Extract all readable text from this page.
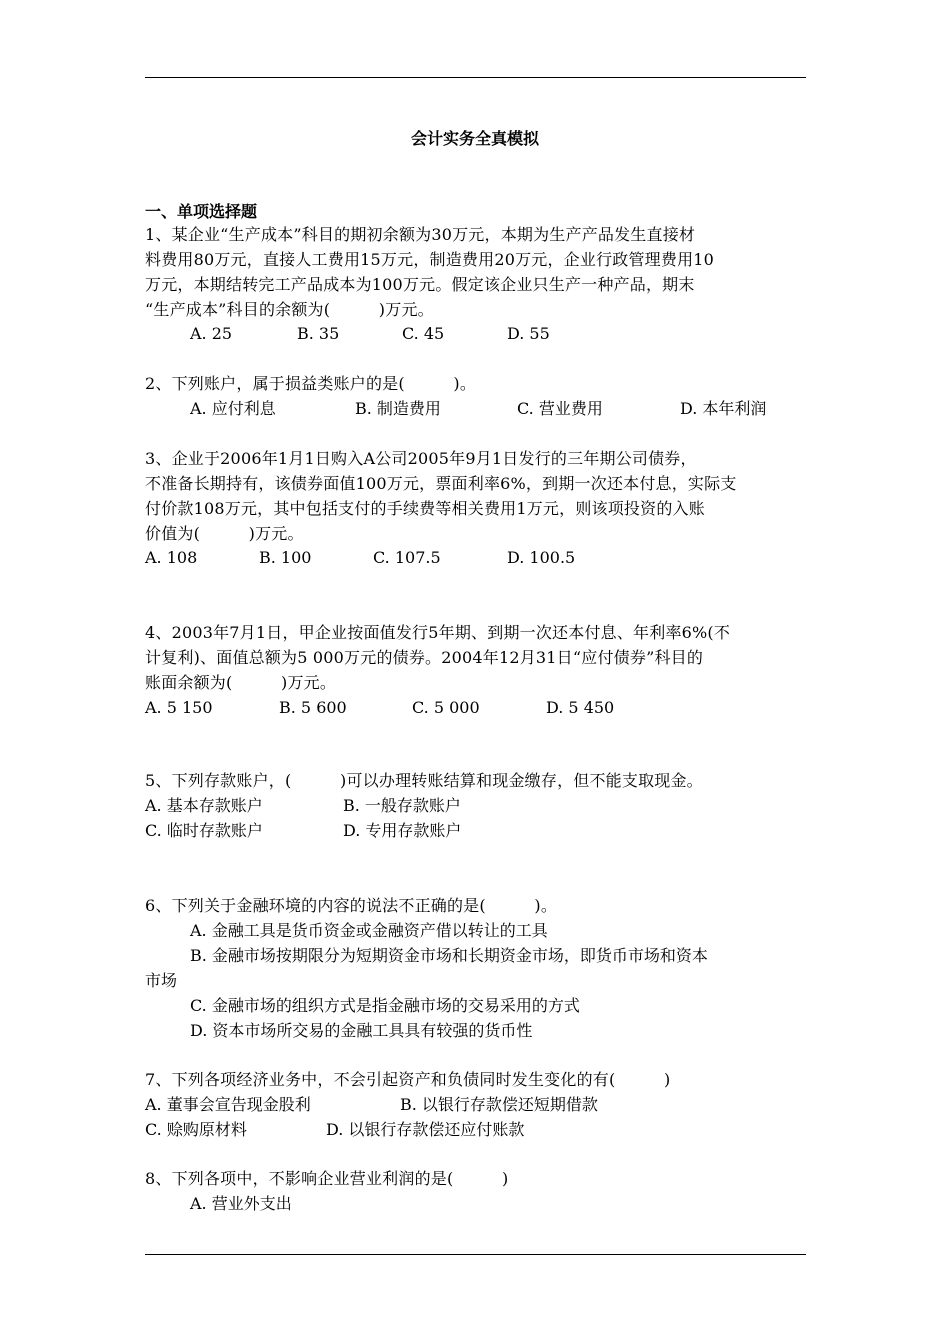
会计实务全真模拟
一、单项选择题
1、某企业“生产成本”科目的期初余额为30万元，本期为生产产品发生直接材
料费用80万元，直接人工费用15万元，制造费用20万元，企业行政管理费用10
万元，本期结转完工产品成本为100万元。假定该企业只生产一种产品，期末
“生产成本”科目的余额为(　　　)万元。
A. 25	B. 35	C. 45	D. 55
2、下列账户，属于损益类账户的是(　　　)。
A. 应付利息	B. 制造费用	C. 营业费用	D. 本年利润
3、企业于2006年1月1日购入A公司2005年9月1日发行的三年期公司债券，
不准备长期持有，该债券面值100万元，票面利率6%，到期一次还本付息，实际支
付价款108万元，其中包括支付的手续费等相关费用1万元，则该项投资的入账
价值为(　　　)万元。
A. 108	B. 100	C. 107.5	D. 100.5
4、2003年7月1日，甲企业按面值发行5年期、到期一次还本付息、年利率6%(不
计复利)、面值总额为5 000万元的债券。2004年12月31日“应付债券”科目的
账面余额为(　　　)万元。
A. 5 150	B. 5 600	C. 5 000	D. 5 450
5、下列存款账户，(　　　)可以办理转账结算和现金缴存，但不能支取现金。
A. 基本存款账户	B. 一般存款账户
C. 临时存款账户	D. 专用存款账户
6、下列关于金融环境的内容的说法不正确的是(　　　)。
A. 金融工具是货币资金或金融资产借以转让的工具
B. 金融市场按期限分为短期资金市场和长期资金市场，即货币市场和资本
市场
C. 金融市场的组织方式是指金融市场的交易采用的方式
D. 资本市场所交易的金融工具具有较强的货币性
7、下列各项经济业务中，不会引起资产和负债同时发生变化的有(　　　)
A. 董事会宣告现金股利	B. 以银行存款偿还短期借款
C. 赊购原材料	D. 以银行存款偿还应付账款
8、下列各项中，不影响企业营业利润的是(　　　)
A. 营业外支出
